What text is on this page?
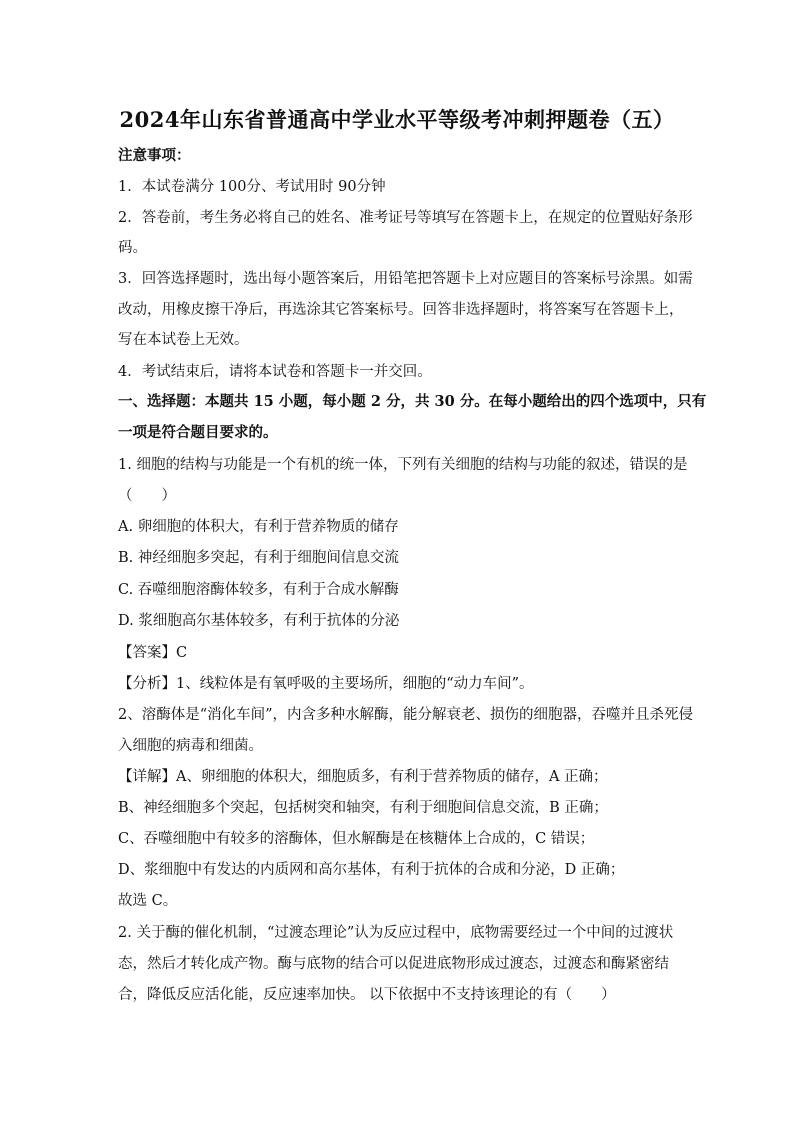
2024年山东省普通高中学业水平等级考冲刺押题卷（五）
注意事项：
1．本试卷满分 100分、考试用时 90分钟
2．答卷前，考生务必将自己的姓名、准考证号等填写在答题卡上，在规定的位置贴好条形
码。
3．回答选择题时，选出每小题答案后，用铅笔把答题卡上对应题目的答案标号涂黑。如需
改动，用橡皮擦干净后，再选涂其它答案标号。回答非选择题时，将答案写在答题卡上，
写在本试卷上无效。
4．考试结束后，请将本试卷和答题卡一并交回。
一、选择题：本题共 15 小题，每小题 2 分，共 30 分。在每小题给出的四个选项中，只有
一项是符合题目要求的。
1. 细胞的结构与功能是一个有机的统一体，下列有关细胞的结构与功能的叙述，错误的是
（　　）
A. 卵细胞的体积大，有利于营养物质的储存
B. 神经细胞多突起，有利于细胞间信息交流
C. 吞噬细胞溶酶体较多，有利于合成水解酶
D. 浆细胞高尔基体较多，有利于抗体的分泌
【答案】C
【分析】1、线粒体是有氧呼吸的主要场所，细胞的“动力车间”。
2、溶酶体是“消化车间”，内含多种水解酶，能分解衰老、损伤的细胞器，吞噬并且杀死侵
入细胞的病毒和细菌。
【详解】A、卵细胞的体积大，细胞质多，有利于营养物质的储存，A 正确；
B、神经细胞多个突起，包括树突和轴突，有利于细胞间信息交流，B 正确；
C、吞噬细胞中有较多的溶酶体，但水解酶是在核糖体上合成的，C 错误；
D、浆细胞中有发达的内质网和高尔基体，有利于抗体的合成和分泌，D 正确；
故选 C。
2. 关于酶的催化机制，“过渡态理论”认为反应过程中，底物需要经过一个中间的过渡状
态，然后才转化成产物。酶与底物的结合可以促进底物形成过渡态，过渡态和酶紧密结
合，降低反应活化能，反应速率加快。 以下依据中不支持该理论的有（　　）
